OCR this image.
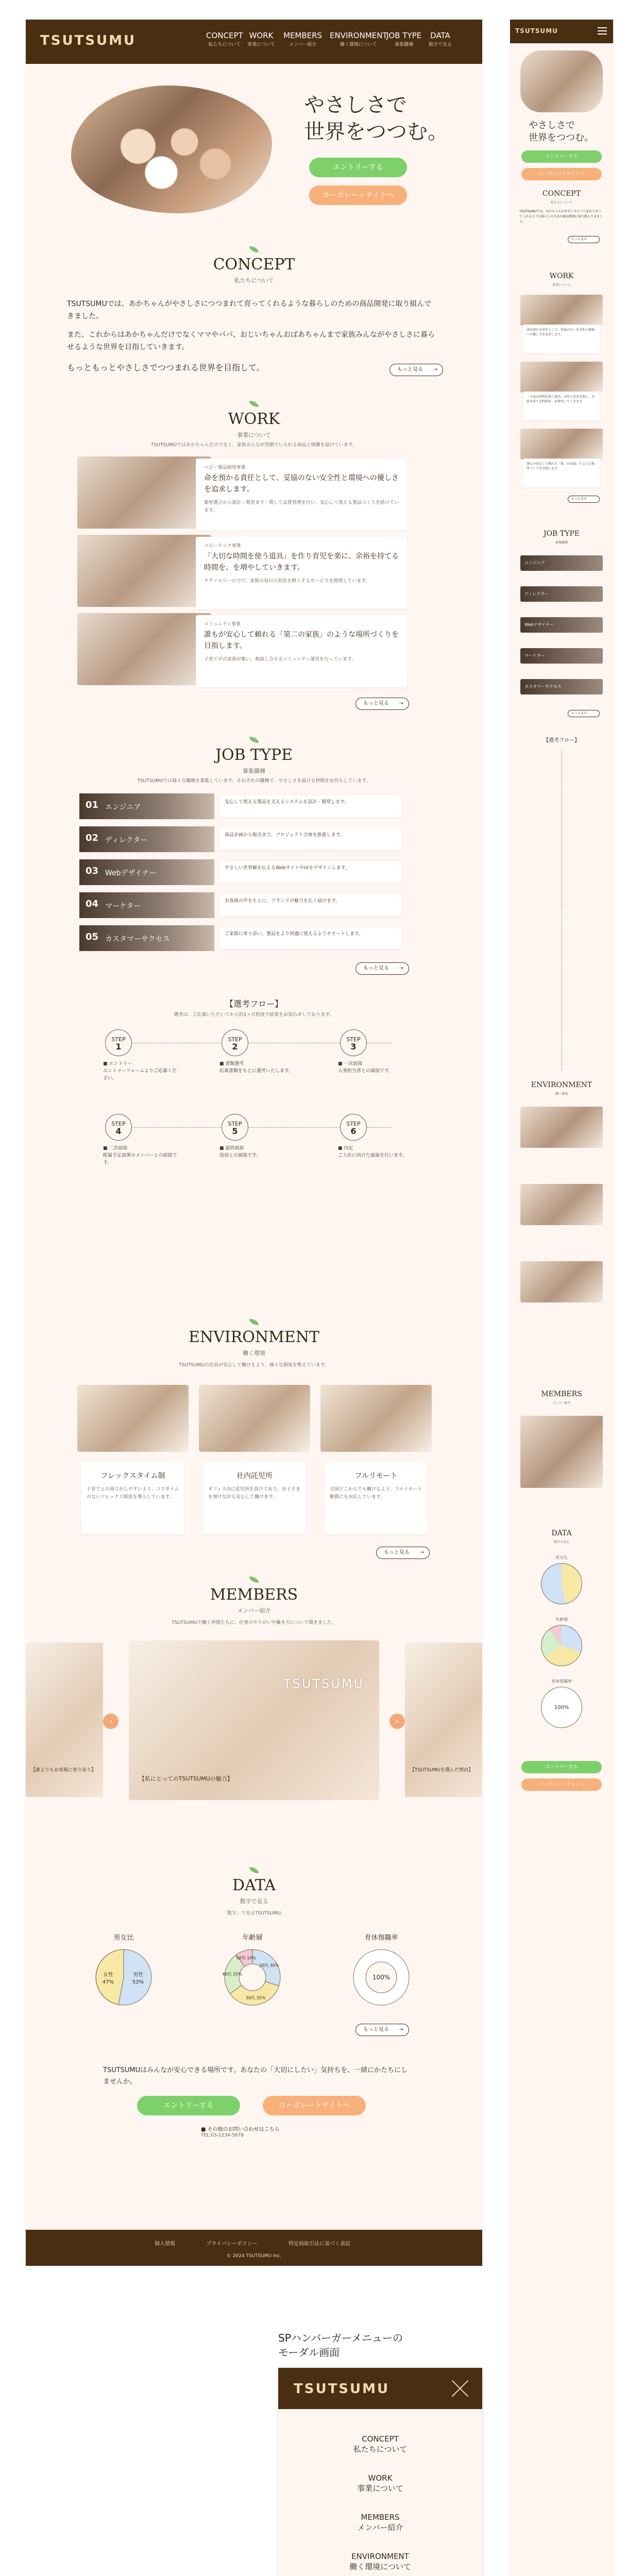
TSUTSUMU	CONCEPT
私たちについて
WORK
事業について
MEMBERS
メンバー紹介
ENVIRONMENT
働く環境について
JOB TYPE
募集職種
DATA
数字で見る
やさしさで
世界をつつむ。
エントリーする
コーポレートサイトへ
CONCEPT
私たちについて
TSUTSUMUでは、あかちゃんがやさしさにつつまれて育ってくれるような暮らしのための商品開発に取り組んできました。
また、これからはあかちゃんだけでなくママやパパ、おじいちゃんおばあちゃんまで家族みんながやさしさに暮らせるような世界を目指していきます。
もっともっとやさしさでつつまれる世界を目指して。	もっと見る →
WORK
事業について
TSUTSUMUではあかちゃんだけでなく、家族みんなが笑顔でいられる商品と体験を届けています。
ベビー製品開発事業
命を預かる責任として、妥協のない安全性と環境への優しさを追求します。
素材選びから設計・製造まで一貫して品質管理を行い、安心して使える製品づくりを続けています。
ベビーテック事業
「大切な時間を使う道具」を作り育児を楽に、余裕を持てる時間を、を増やしていきます。
テクノロジーの力で、家族の毎日の負担を軽くするサービスを開発しています。
コミュニティ事業
誰もが安心して頼れる「第二の家族」のような場所づくりを目指します。
子育て中の家族が集い、相談し合えるコミュニティ運営を行っています。
もっと見る →
JOB TYPE
募集職種
TSUTSUMUでは様々な職種を募集しています。それぞれの職種で、やさしさを届ける仲間をお待ちしています。
01 エンジニア
安心して使える製品を支えるシステムを設計・開発します。
02 ディレクター
商品企画から販売まで、プロジェクト全体を推進します。
03 Webデザイナー
やさしい世界観を伝えるWebサイトやUIをデザインします。
04 マーケター
お客様の声をもとに、ブランドの魅力を広く届けます。
05 カスタマーサクセス
ご家族に寄り添い、製品をより快適に使えるようサポートします。
もっと見る →
【選考フロー】
選考は、ご応募いただいてから約1ヶ月程度で結果をお知らせしております。
STEP
1
STEP
2
STEP
3
■ エントリー
エントリーフォームよりご応募ください。
■ 書類選考
応募書類をもとに選考いたします。
■ 一次面接
人事担当者との面接です。
STEP
4
STEP
5
STEP
6
■ 二次面接
配属予定部署のメンバーとの面接です。
■ 最終面接
役員との面接です。
■ 内定
ご入社に向けた面談を行います。
ENVIRONMENT
働く環境
TSUTSUMUの社員が安心して働けるよう、様々な制度を整えています。
フレックスタイム制

子育てとの両立がしやすいよう、コアタイムのないフレックス制度を導入しています。

社内託児所

オフィス内に託児所を設けており、お子さまを預けながら安心して働けます。

フルリモート

全国どこからでも働けるよう、フルリモート勤務にも対応しています。

もっと見る →
MEMBERS
メンバー紹介
TSUTSUMUで働く仲間たちに、仕事のやりがいや働き方について聞きました。
【誰よりもお客様に寄り添う】
TSUTSUMU
【私にとってのTSUTSUMUの魅力】
【TSUTSUMUを選んだ理由】
‹	›
DATA
数字で見る
「数字」で見るTSUTSUMU。
男女比	年齢層	育休復職率
女性	男性
53%
47%
20代 30%
30代 35%
40代 25%
50代 10%
100%
もっと見る →
TSUTSUMUはみんなが安心できる場所です。あなたの「大切にしたい」気持ちを、一緒にかたちにしませんか。
エントリーする	コーポレートサイトへ
■ その他のお問い合わせはこちら
TEL:03-1234-5678
個人情報	プライバシーポリシー	特定商取引法に基づく表記
© 2024 TSUTSUMU Inc.
TSUTSUMU
やさしさで
世界をつつむ。
エントリーする
コーポレートサイトへ
CONCEPT
私たちについて
TSUTSUMUでは、あかちゃんがやさしさにつつまれて育ってくれるような暮らしのための商品開発に取り組んできました。
もっと見る
WORK
事業について
命を預かる責任として、妥協のない安全性と環境への優しさを追求します。
「大切な時間を使う道具」を作り育児を楽に、余裕を持てる時間を、を増やしていきます。
誰もが安心して頼れる「第二の家族」のような場所づくりを目指します。
もっと見る
JOB TYPE
募集職種
エンジニア
ディレクター
Webデザイナー
マーケター
カスタマーサクセス
もっと見る
【選考フロー】
ENVIRONMENT
働く環境
MEMBERS
メンバー紹介
DATA
数字で見る
男女比
年齢層
育休復職率
100%
エントリーする
コーポレートサイトへ
SPハンバーガーメニューの
モーダル画面
TSUTSUMU
CONCEPT
私たちについて
WORK
事業について
MEMBERS
メンバー紹介
ENVIRONMENT
働く環境について
